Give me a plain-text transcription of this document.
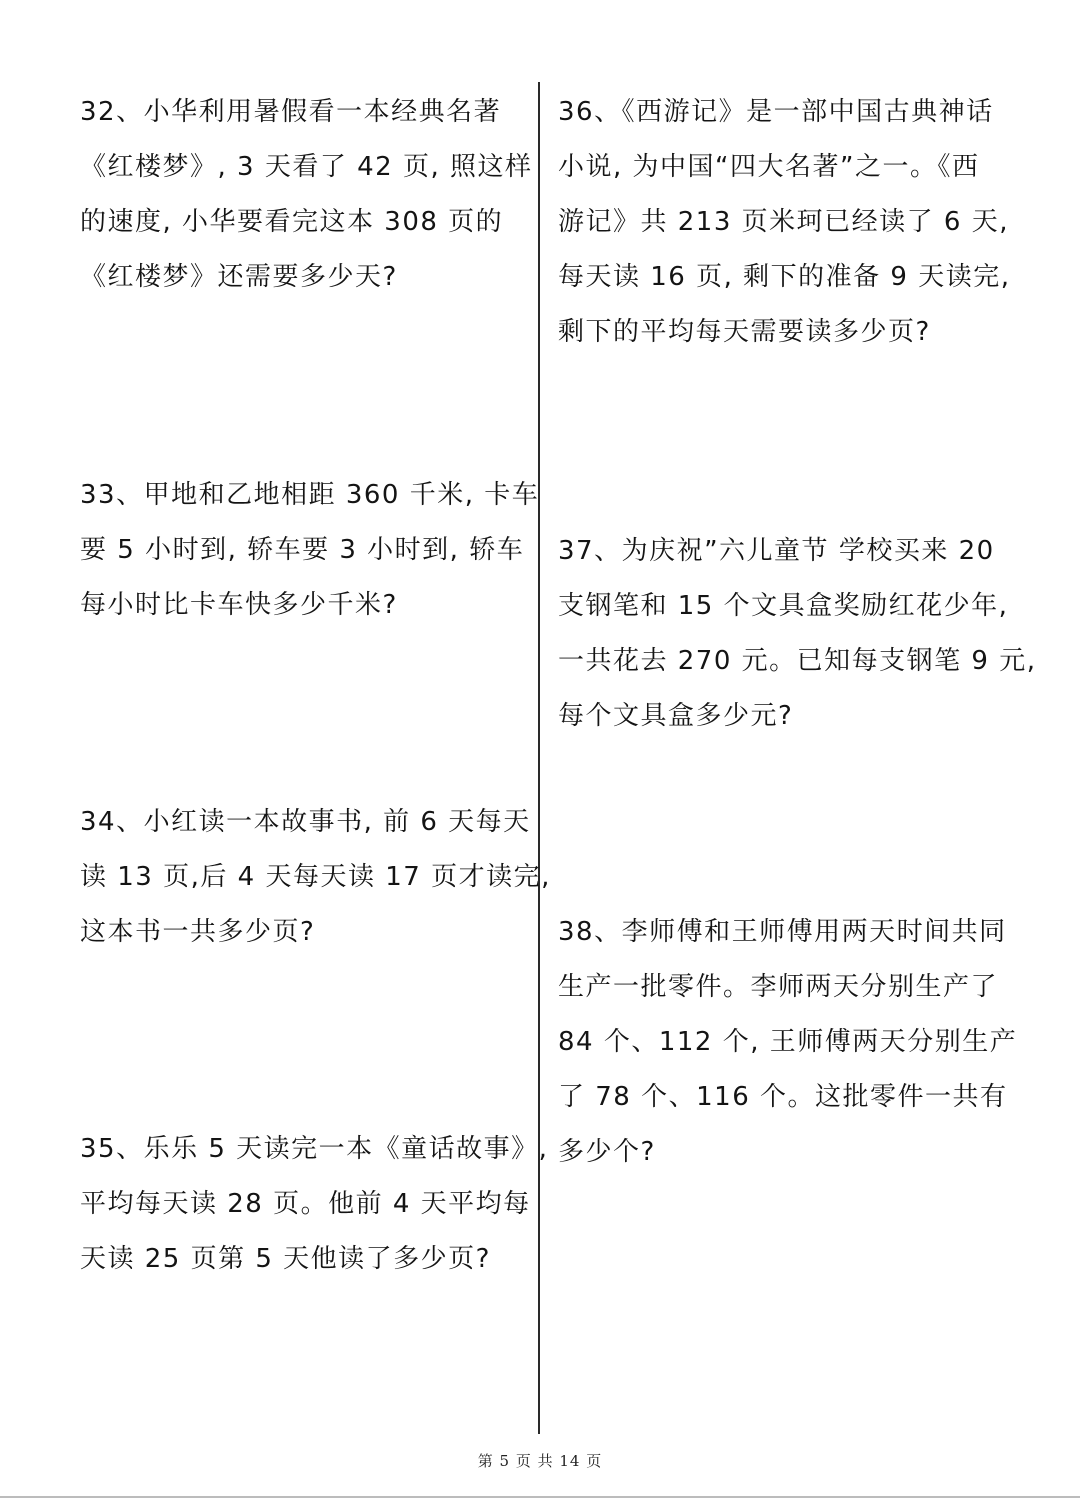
32、小华利用暑假看一本经典名著
《红楼梦》, 3 天看了 42 页, 照这样
的速度, 小华要看完这本 308 页的
《红楼梦》还需要多少天?
33、甲地和乙地相距 360 千米, 卡车
要 5 小时到, 轿车要 3 小时到, 轿车
每小时比卡车快多少千米?
34、小红读一本故事书, 前 6 天每天
读 13 页,后 4 天每天读 17 页才读完,
这本书一共多少页?
35、乐乐 5 天读完一本《童话故事》,
平均每天读 28 页。他前 4 天平均每
天读 25 页第 5 天他读了多少页?
36、《西游记》是一部中国古典神话
小说, 为中国“四大名著”之一。《西
游记》共 213 页米珂已经读了 6 天,
每天读 16 页, 剩下的准备 9 天读完,
剩下的平均每天需要读多少页?
37、为庆祝”六儿童节 学校买来 20
支钢笔和 15 个文具盒奖励红花少年,
一共花去 270 元。已知每支钢笔 9 元,
每个文具盒多少元?
38、李师傅和王师傅用两天时间共同
生产一批零件。李师两天分别生产了
84 个、112 个, 王师傅两天分别生产
了 78 个、116 个。这批零件一共有
多少个?
第 5 页 共 14 页
